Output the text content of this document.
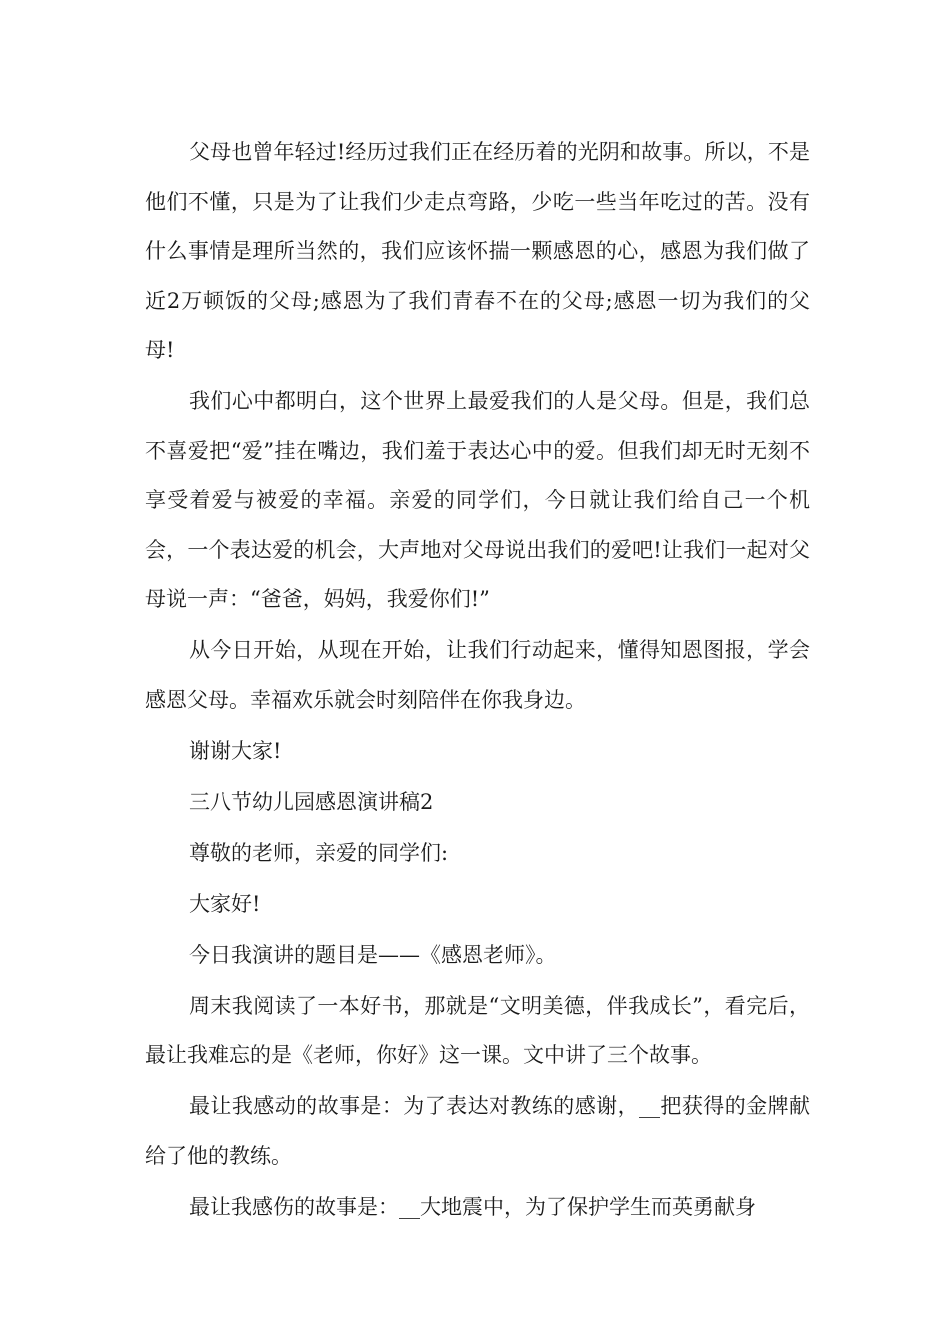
父母也曾年轻过!经历过我们正在经历着的光阴和故事。所以，不是他们不懂，只是为了让我们少走点弯路，少吃一些当年吃过的苦。没有什么事情是理所当然的，我们应该怀揣一颗感恩的心，感恩为我们做了近2万顿饭的父母;感恩为了我们青春不在的父母;感恩一切为我们的父母!

我们心中都明白，这个世界上最爱我们的人是父母。但是，我们总不喜爱把“爱”挂在嘴边，我们羞于表达心中的爱。但我们却无时无刻不享受着爱与被爱的幸福。亲爱的同学们，今日就让我们给自己一个机会，一个表达爱的机会，大声地对父母说出我们的爱吧!让我们一起对父母说一声：“爸爸，妈妈，我爱你们!”

从今日开始，从现在开始，让我们行动起来，懂得知恩图报，学会感恩父母。幸福欢乐就会时刻陪伴在你我身边。

谢谢大家!

三八节幼儿园感恩演讲稿2

尊敬的老师，亲爱的同学们:

大家好!

今日我演讲的题目是——《感恩老师》。

周末我阅读了一本好书，那就是“文明美德，伴我成长”，看完后，最让我难忘的是《老师，你好》这一课。文中讲了三个故事。

最让我感动的故事是：为了表达对教练的感谢，__把获得的金牌献给了他的教练。

最让我感伤的故事是：__大地震中，为了保护学生而英勇献身
